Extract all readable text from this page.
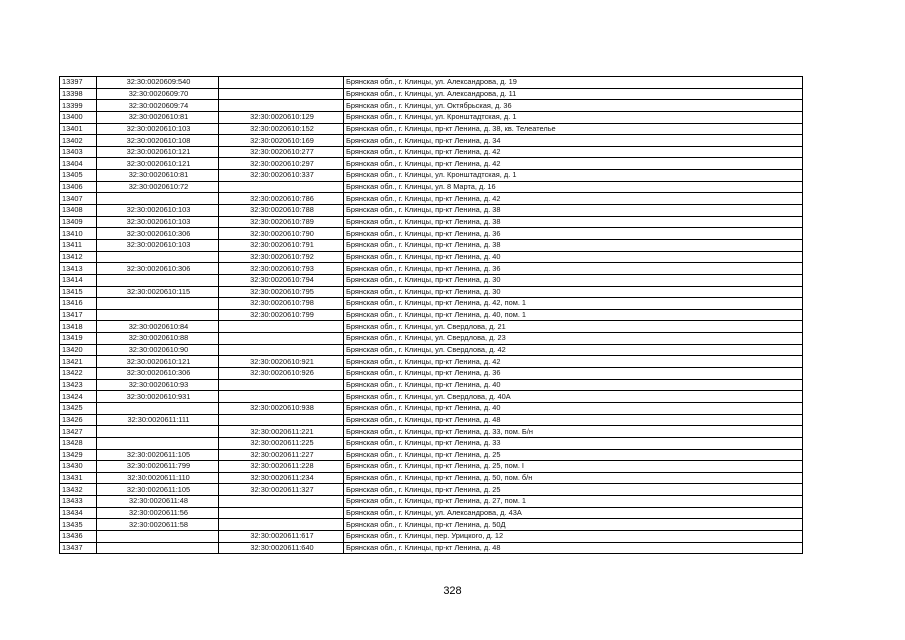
13397	32:30:0020609:540		Брянская обл., г. Клинцы, ул. Александрова, д. 19
13398	32:30:0020609:70		Брянская обл., г. Клинцы, ул. Александрова, д. 11
13399	32:30:0020609:74		Брянская обл., г. Клинцы, ул. Октябрьская, д. 36
13400	32:30:0020610:81	32:30:0020610:129	Брянская обл., г. Клинцы, ул. Кронштадтская, д. 1
13401	32:30:0020610:103	32:30:0020610:152	Брянская обл., г. Клинцы, пр-кт Ленина, д. 38, кв. Телеателье
13402	32:30:0020610:108	32:30:0020610:169	Брянская обл., г. Клинцы, пр-кт Ленина, д. 34
13403	32:30:0020610:121	32:30:0020610:277	Брянская обл., г. Клинцы, пр-кт Ленина, д. 42
13404	32:30:0020610:121	32:30:0020610:297	Брянская обл., г. Клинцы, пр-кт Ленина, д. 42
13405	32:30:0020610:81	32:30:0020610:337	Брянская обл., г. Клинцы, ул. Кронштадтская, д. 1
13406	32:30:0020610:72		Брянская обл., г. Клинцы, ул. 8 Марта, д. 16
13407		32:30:0020610:786	Брянская обл., г. Клинцы, пр-кт Ленина, д. 42
13408	32:30:0020610:103	32:30:0020610:788	Брянская обл., г. Клинцы, пр-кт Ленина, д. 38
13409	32:30:0020610:103	32:30:0020610:789	Брянская обл., г. Клинцы, пр-кт Ленина, д. 38
13410	32:30:0020610:306	32:30:0020610:790	Брянская обл., г. Клинцы, пр-кт Ленина, д. 36
13411	32:30:0020610:103	32:30:0020610:791	Брянская обл., г. Клинцы, пр-кт Ленина, д. 38
13412		32:30:0020610:792	Брянская обл., г. Клинцы, пр-кт Ленина, д. 40
13413	32:30:0020610:306	32:30:0020610:793	Брянская обл., г. Клинцы, пр-кт Ленина, д. 36
13414		32:30:0020610:794	Брянская обл., г. Клинцы, пр-кт Ленина, д. 30
13415	32:30:0020610:115	32:30:0020610:795	Брянская обл., г. Клинцы, пр-кт Ленина, д. 30
13416		32:30:0020610:798	Брянская обл., г. Клинцы, пр-кт Ленина, д. 42, пом. 1
13417		32:30:0020610:799	Брянская обл., г. Клинцы, пр-кт Ленина, д. 40, пом. 1
13418	32:30:0020610:84		Брянская обл., г. Клинцы, ул. Свердлова, д. 21
13419	32:30:0020610:88		Брянская обл., г. Клинцы, ул. Свердлова, д. 23
13420	32:30:0020610:90		Брянская обл., г. Клинцы, ул. Свердлова, д. 42
13421	32:30:0020610:121	32:30:0020610:921	Брянская обл., г. Клинцы, пр-кт Ленина, д. 42
13422	32:30:0020610:306	32:30:0020610:926	Брянская обл., г. Клинцы, пр-кт Ленина, д. 36
13423	32:30:0020610:93		Брянская обл., г. Клинцы, пр-кт Ленина, д. 40
13424	32:30:0020610:931		Брянская обл., г. Клинцы, ул. Свердлова, д. 40А
13425		32:30:0020610:938	Брянская обл., г. Клинцы, пр-кт Ленина, д. 40
13426	32:30:0020611:111		Брянская обл., г. Клинцы, пр-кт Ленина, д. 48
13427		32:30:0020611:221	Брянская обл., г. Клинцы, пр-кт Ленина, д. 33, пом. Б/н
13428		32:30:0020611:225	Брянская обл., г. Клинцы, пр-кт Ленина, д. 33
13429	32:30:0020611:105	32:30:0020611:227	Брянская обл., г. Клинцы, пр-кт Ленина, д. 25
13430	32:30:0020611:799	32:30:0020611:228	Брянская обл., г. Клинцы, пр-кт Ленина, д. 25, пом. I
13431	32:30:0020611:110	32:30:0020611:234	Брянская обл., г. Клинцы, пр-кт Ленина, д. 50, пом. б/н
13432	32:30:0020611:105	32:30:0020611:327	Брянская обл., г. Клинцы, пр-кт Ленина, д. 25
13433	32:30:0020611:48		Брянская обл., г. Клинцы, пр-кт Ленина, д. 27, пом. 1
13434	32:30:0020611:56		Брянская обл., г. Клинцы, ул. Александрова, д. 43А
13435	32:30:0020611:58		Брянская обл., г. Клинцы, пр-кт Ленина, д. 50Д
13436		32:30:0020611:617	Брянская обл., г. Клинцы, пер. Урицкого, д. 12
13437		32:30:0020611:640	Брянская обл., г. Клинцы, пр-кт Ленина, д. 48
328
